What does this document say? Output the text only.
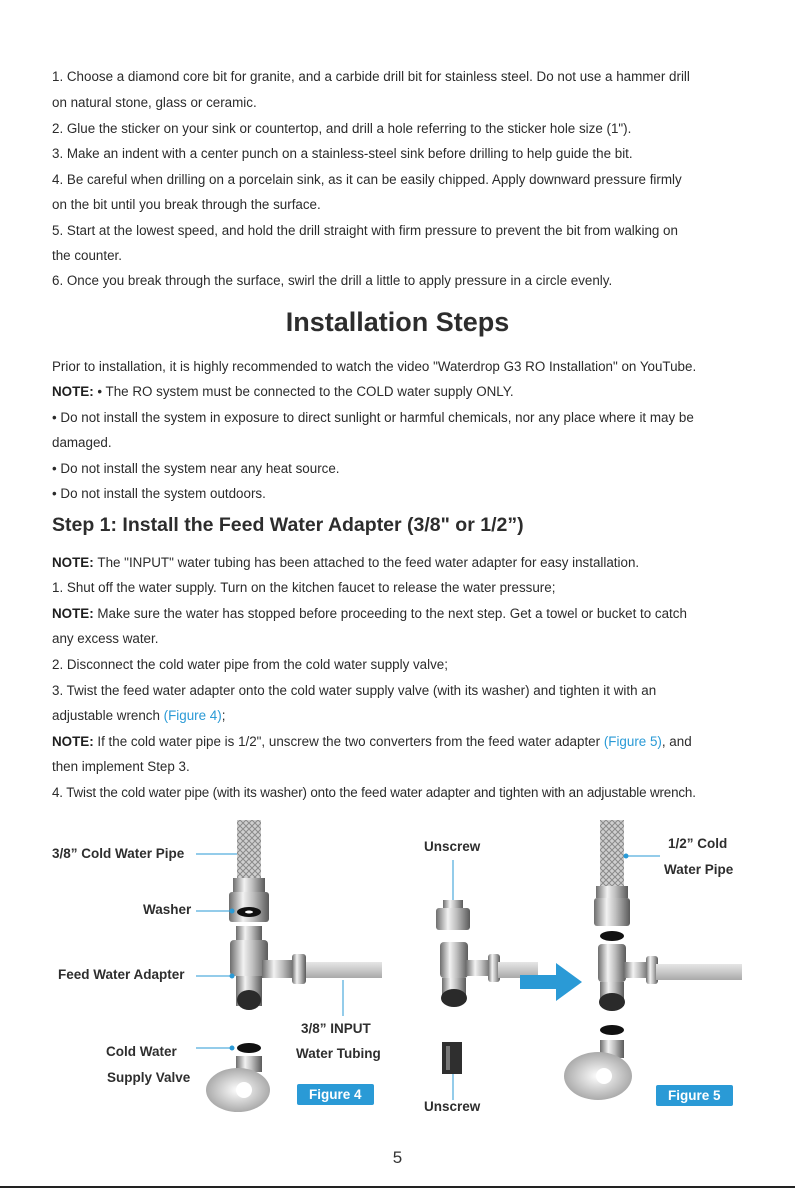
1. Choose a diamond core bit for granite, and a carbide drill bit for stainless steel. Do not use a hammer drill

on natural stone, glass or ceramic.

2. Glue the sticker on your sink or countertop, and drill a hole referring to the sticker hole size (1").

3. Make an indent with a center punch on a stainless-steel sink before drilling to help guide the bit.

4. Be careful when drilling on a porcelain sink, as it can be easily chipped. Apply downward pressure firmly

on the bit until you break through the surface.

5. Start at the lowest speed, and hold the drill straight with firm pressure to prevent the bit from walking on

the counter.

6. Once you break through the surface, swirl the drill a little to apply pressure in a circle evenly.

Installation Steps

Prior to installation, it is highly recommended to watch the video "Waterdrop G3 RO Installation" on YouTube.

NOTE: • The RO system must be connected to the COLD water supply ONLY.

• Do not install the system in exposure to direct sunlight or harmful chemicals, nor any place where it may be

damaged.

• Do not install the system near any heat source.

• Do not install the system outdoors.

Step 1: Install the Feed Water Adapter (3/8" or 1/2”)

NOTE: The "INPUT" water tubing has been attached to the feed water adapter for easy installation.

1. Shut off the water supply. Turn on the kitchen faucet to release the water pressure;

NOTE: Make sure the water has stopped before proceeding to the next step. Get a towel or bucket to catch

any excess water.

2. Disconnect the cold water pipe from the cold water supply valve;

3. Twist the feed water adapter onto the cold water supply valve (with its washer) and tighten it with an

adjustable wrench (Figure 4);

NOTE: If the cold water pipe is 1/2", unscrew the two converters from the feed water adapter (Figure 5), and

then implement Step 3.

4. Twist the cold water pipe (with its washer) onto the feed water adapter and tighten with an adjustable wrench.

3/8” Cold Water Pipe
Washer
Feed Water Adapter
3/8” INPUT
Water Tubing
Cold Water
Supply Valve
Figure 4
Unscrew
Unscrew
1/2” Cold
Water Pipe
Figure 5
5
